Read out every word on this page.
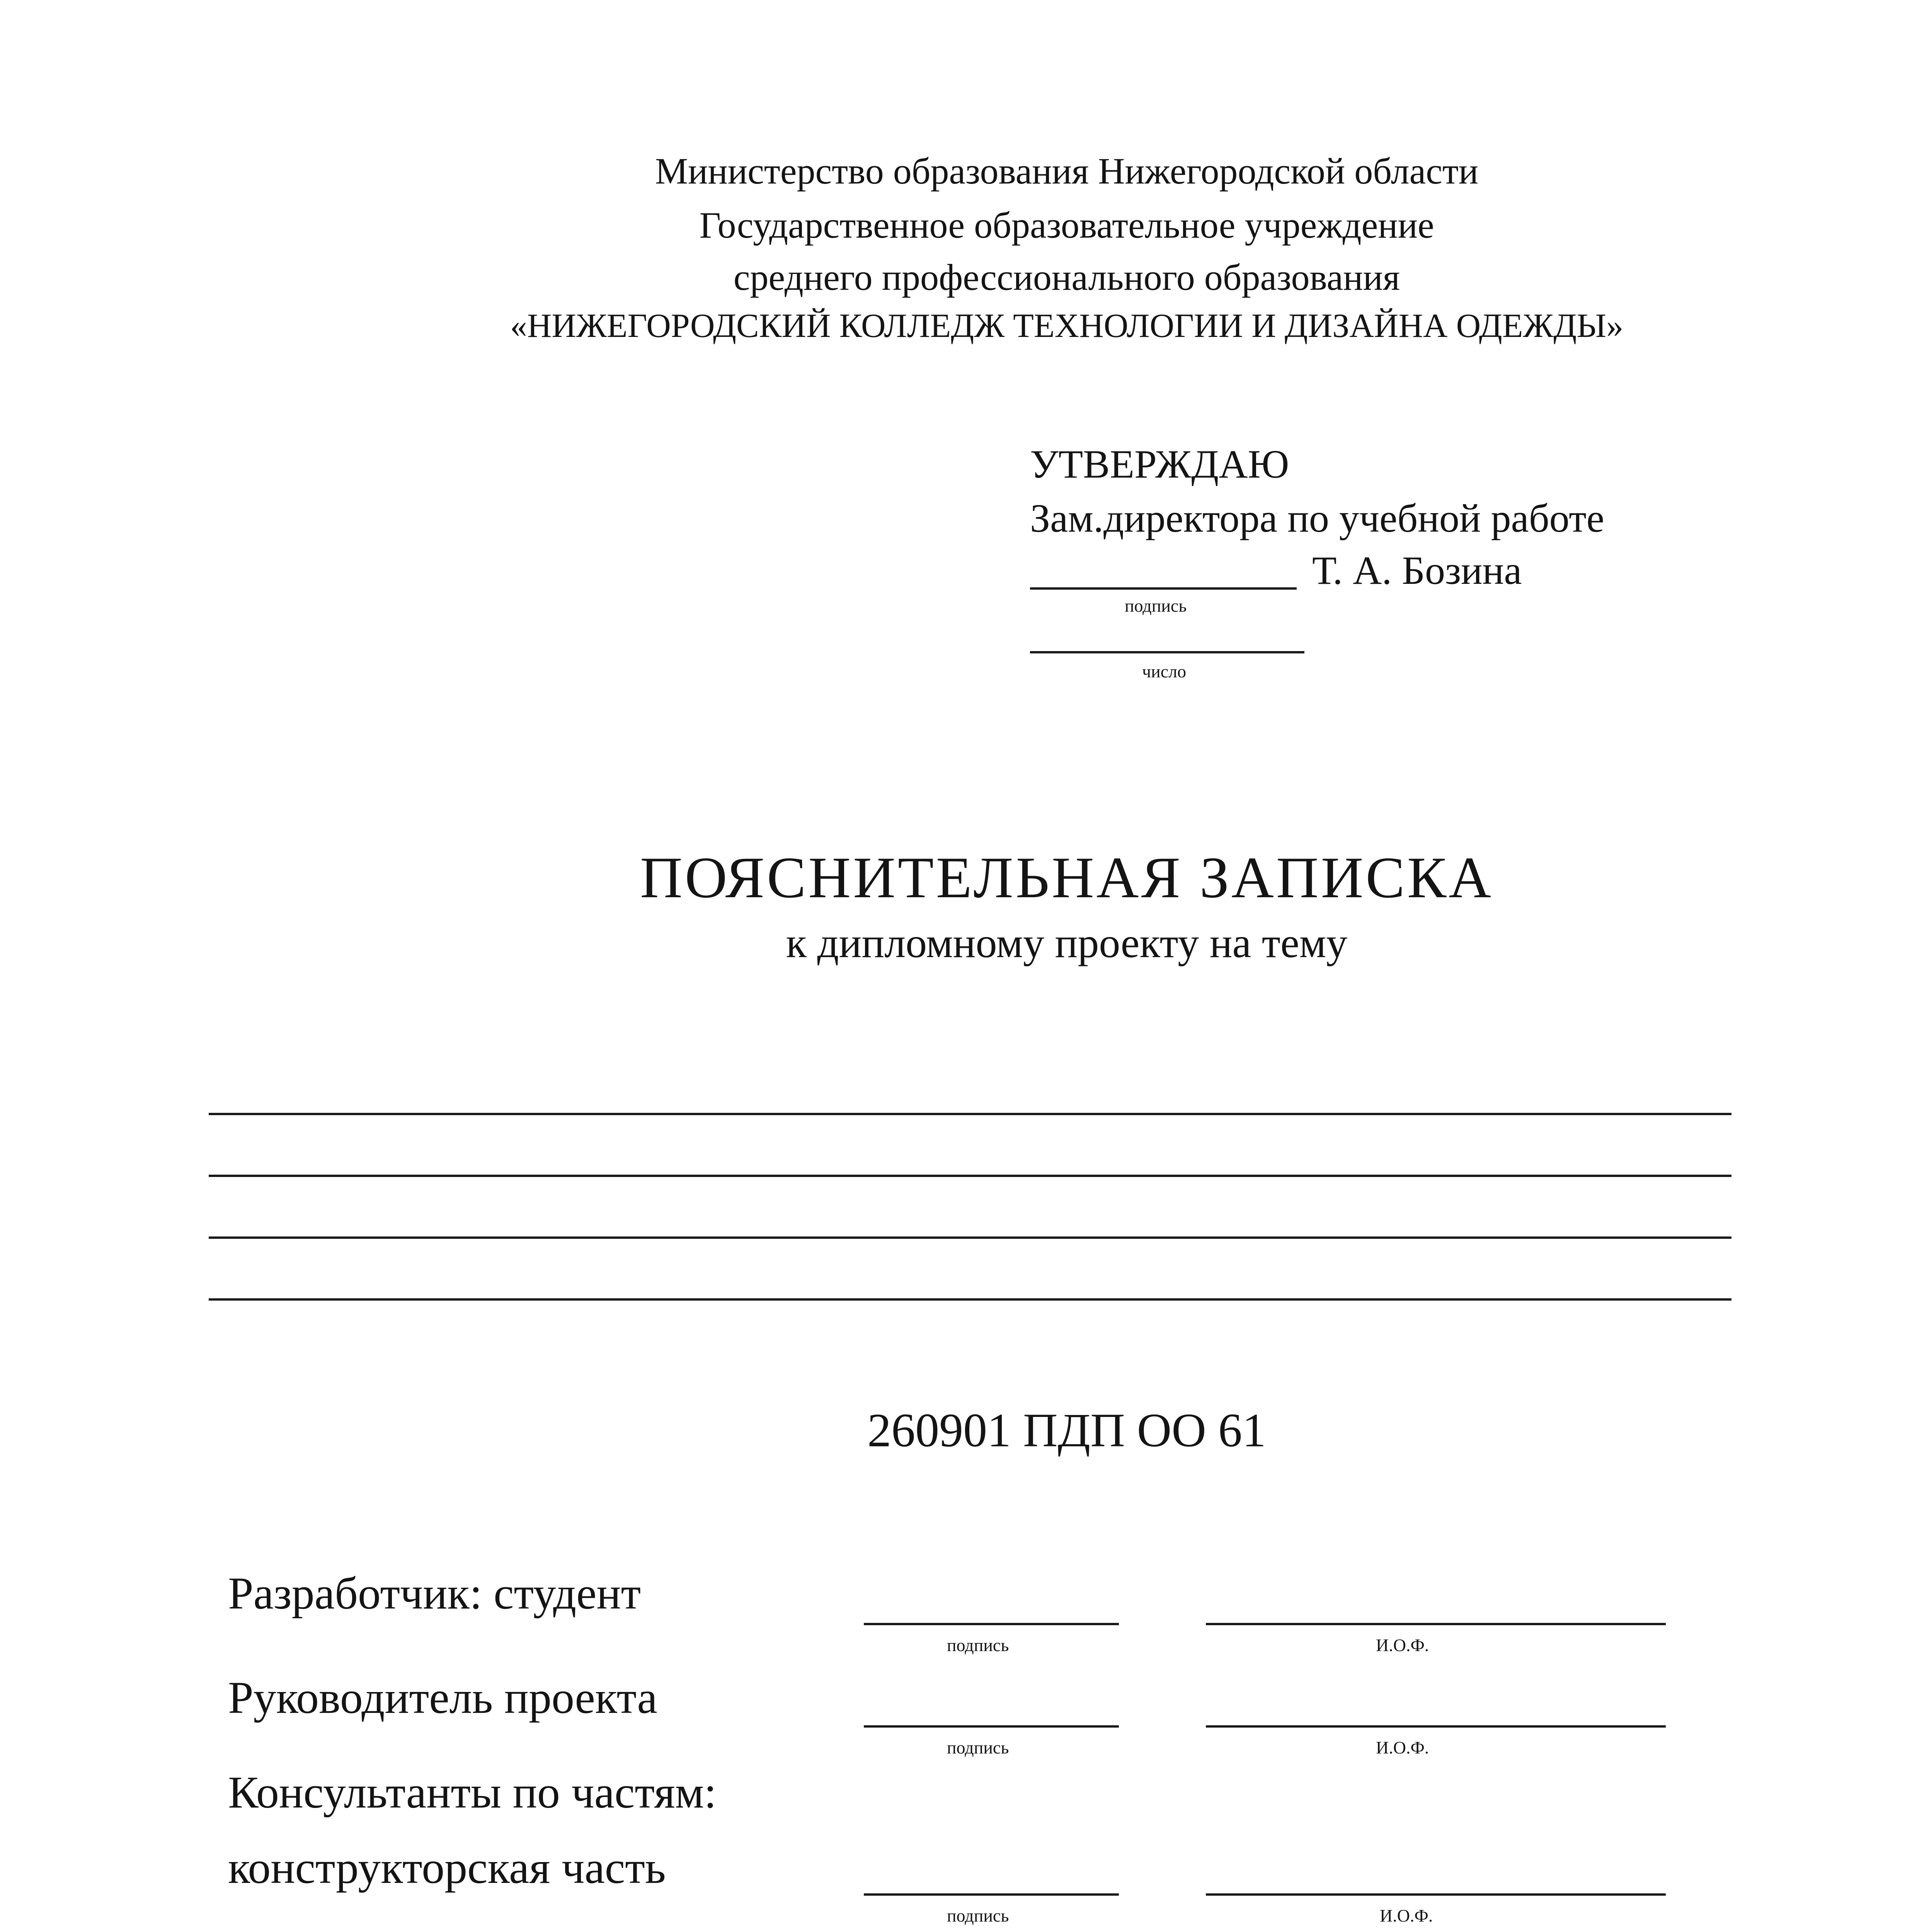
Министерство образования Нижегородской области
Государственное образовательное учреждение
среднего профессионального образования
«НИЖЕГОРОДСКИЙ КОЛЛЕДЖ ТЕХНОЛОГИИ И ДИЗАЙНА ОДЕЖДЫ»
УТВЕРЖДАЮ
Зам.директора по учебной работе
Т. А. Бозина
подпись
число
ПОЯСНИТЕЛЬНАЯ ЗАПИСКА
к дипломному проекту на тему
260901 ПДП ОО 61
Разработчик: студент
подпись	И.О.Ф.
Руководитель проекта
подпись	И.О.Ф.
Консультанты по частям:
конструкторская часть
подпись	И.О.Ф.
